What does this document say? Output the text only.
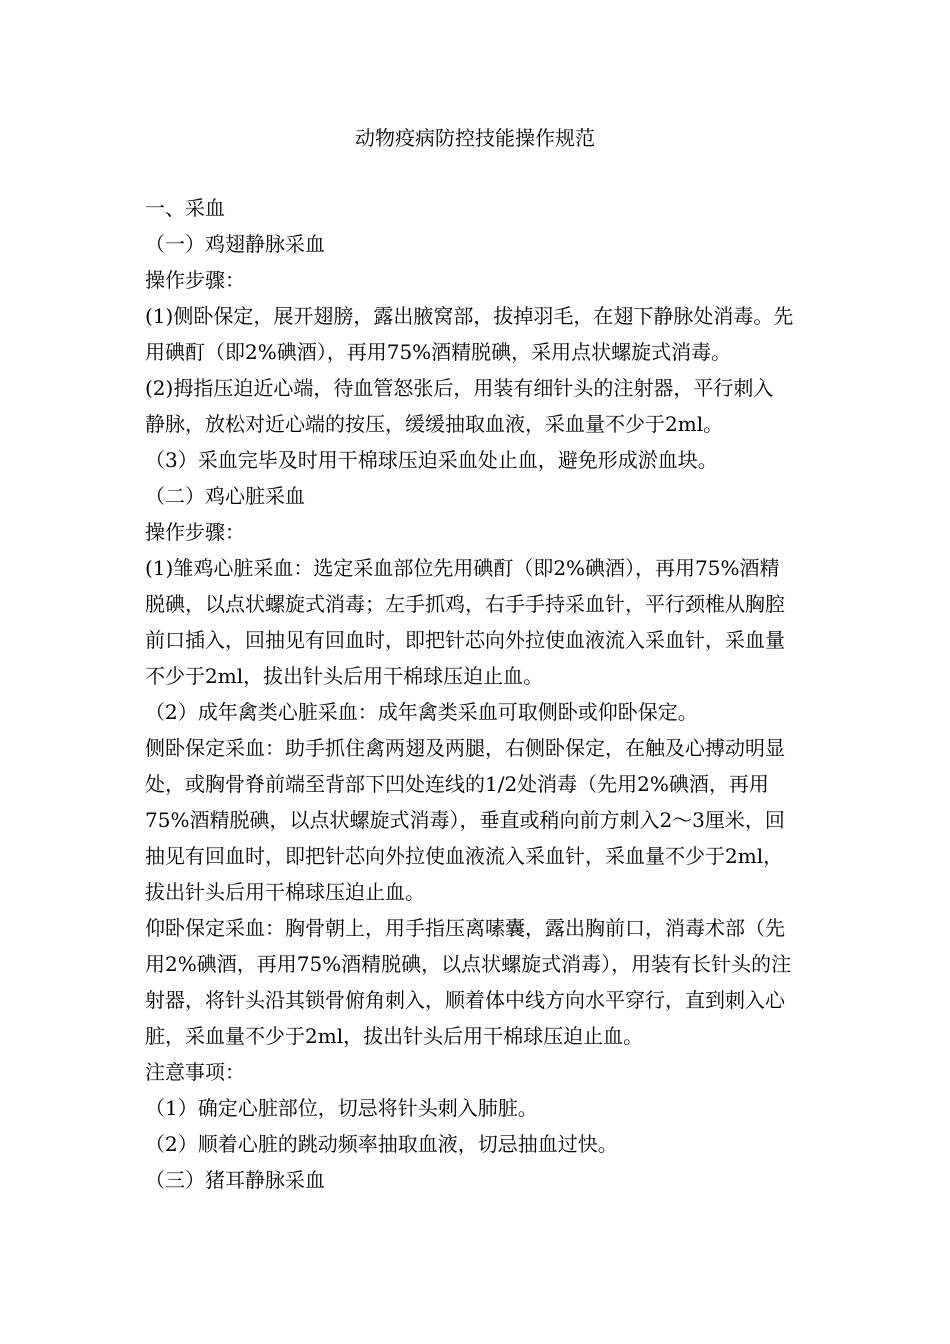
动物疫病防控技能操作规范
一、采血
（一）鸡翅静脉采血
操作步骤：
(1)侧卧保定，展开翅膀，露出腋窝部，拔掉羽毛，在翅下静脉处消毒。先
用碘酊（即2%碘酒），再用75%酒精脱碘，采用点状螺旋式消毒。
(2)拇指压迫近心端，待血管怒张后，用装有细针头的注射器，平行刺入
静脉，放松对近心端的按压，缓缓抽取血液，采血量不少于2ml。
（3）采血完毕及时用干棉球压迫采血处止血，避免形成淤血块。
（二）鸡心脏采血
操作步骤：
(1)雏鸡心脏采血：选定采血部位先用碘酊（即2%碘酒），再用75%酒精
脱碘，以点状螺旋式消毒；左手抓鸡，右手手持采血针，平行颈椎从胸腔
前口插入，回抽见有回血时，即把针芯向外拉使血液流入采血针，采血量
不少于2ml，拔出针头后用干棉球压迫止血。
（2）成年禽类心脏采血：成年禽类采血可取侧卧或仰卧保定。
侧卧保定采血：助手抓住禽两翅及两腿，右侧卧保定，在触及心搏动明显
处，或胸骨脊前端至背部下凹处连线的1/2处消毒（先用2%碘酒，再用
75%酒精脱碘，以点状螺旋式消毒），垂直或稍向前方刺入2～3厘米，回
抽见有回血时，即把针芯向外拉使血液流入采血针，采血量不少于2ml，
拔出针头后用干棉球压迫止血。
仰卧保定采血：胸骨朝上，用手指压离嗉囊，露出胸前口，消毒术部（先
用2%碘酒，再用75%酒精脱碘，以点状螺旋式消毒），用装有长针头的注
射器，将针头沿其锁骨俯角刺入，顺着体中线方向水平穿行，直到刺入心
脏，采血量不少于2ml，拔出针头后用干棉球压迫止血。
注意事项：
（1）确定心脏部位，切忌将针头刺入肺脏。
（2）顺着心脏的跳动频率抽取血液，切忌抽血过快。
（三）猪耳静脉采血
